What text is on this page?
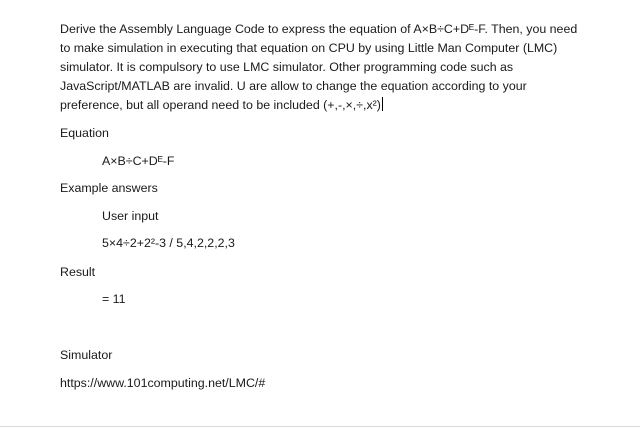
Derive the Assembly Language Code to express the equation of A×B÷C+Dᴱ-F. Then, you need
to make simulation in executing that equation on CPU by using Little Man Computer (LMC)
simulator. It is compulsory to use LMC simulator. Other programming code such as
JavaScript/MATLAB are invalid. U are allow to change the equation according to your
preference, but all operand need to be included (+,-,×,÷,x²)

Equation
A×B÷C+Dᴱ-F
Example answers
User input
5×4÷2+2²-3 / 5,4,2,2,2,3
Result
= 11
Simulator
https://www.101computing.net/LMC/#
